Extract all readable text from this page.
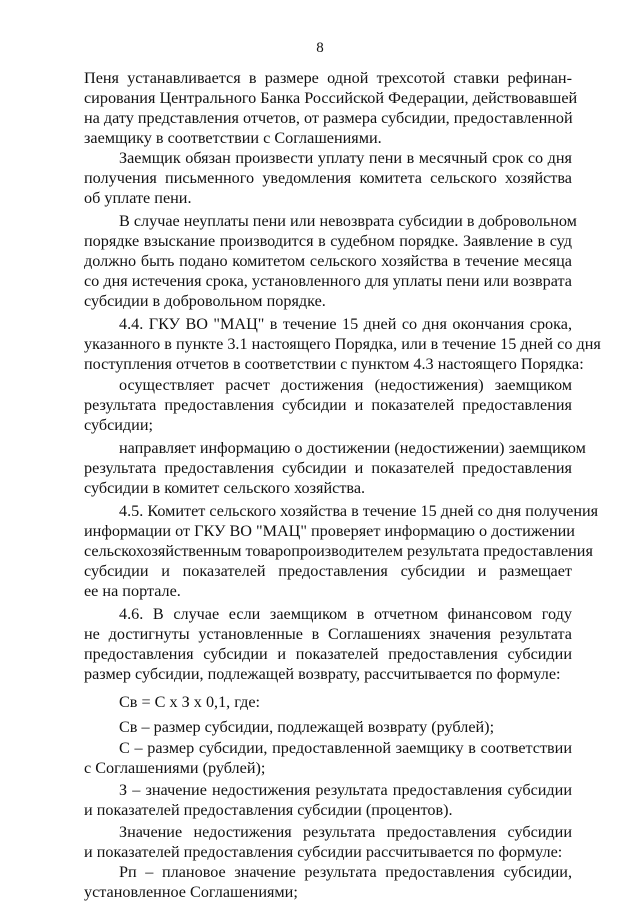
8
Пеня устанавливается в размере одной трехсотой ставки рефинан-
сирования Центрального Банка Российской Федерации, действовавшей
на дату представления отчетов, от размера субсидии, предоставленной
заемщику в соответствии с Соглашениями.
Заемщик обязан произвести уплату пени в месячный срок со дня
получения письменного уведомления комитета сельского хозяйства
об уплате пени.
В случае неуплаты пени или невозврата субсидии в добровольном
порядке взыскание производится в судебном порядке. Заявление в суд
должно быть подано комитетом сельского хозяйства в течение месяца
со дня истечения срока, установленного для уплаты пени или возврата
субсидии в добровольном порядке.
4.4. ГКУ ВО "МАЦ" в течение 15 дней со дня окончания срока,
указанного в пункте 3.1 настоящего Порядка, или в течение 15 дней со дня
поступления отчетов в соответствии с пунктом 4.3 настоящего Порядка:
осуществляет расчет достижения (недостижения) заемщиком
результата предоставления субсидии и показателей предоставления
субсидии;
направляет информацию о достижении (недостижении) заемщиком
результата предоставления субсидии и показателей предоставления
субсидии в комитет сельского хозяйства.
4.5. Комитет сельского хозяйства в течение 15 дней со дня получения
информации от ГКУ ВО "МАЦ" проверяет информацию о достижении
сельскохозяйственным товаропроизводителем результата предоставления
субсидии и показателей предоставления субсидии и размещает
ее на портале.
4.6. В случае если заемщиком в отчетном финансовом году
не достигнуты установленные в Соглашениях значения результата
предоставления субсидии и показателей предоставления субсидии
размер субсидии, подлежащей возврату, рассчитывается по формуле:
Св = С х З х 0,1, где:
Св – размер субсидии, подлежащей возврату (рублей);
С – размер субсидии, предоставленной заемщику в соответствии
с Соглашениями (рублей);
З – значение недостижения результата предоставления субсидии
и показателей предоставления субсидии (процентов).
Значение недостижения результата предоставления субсидии
и показателей предоставления субсидии рассчитывается по формуле:
Рп – плановое значение результата предоставления субсидии,
установленное Соглашениями;
